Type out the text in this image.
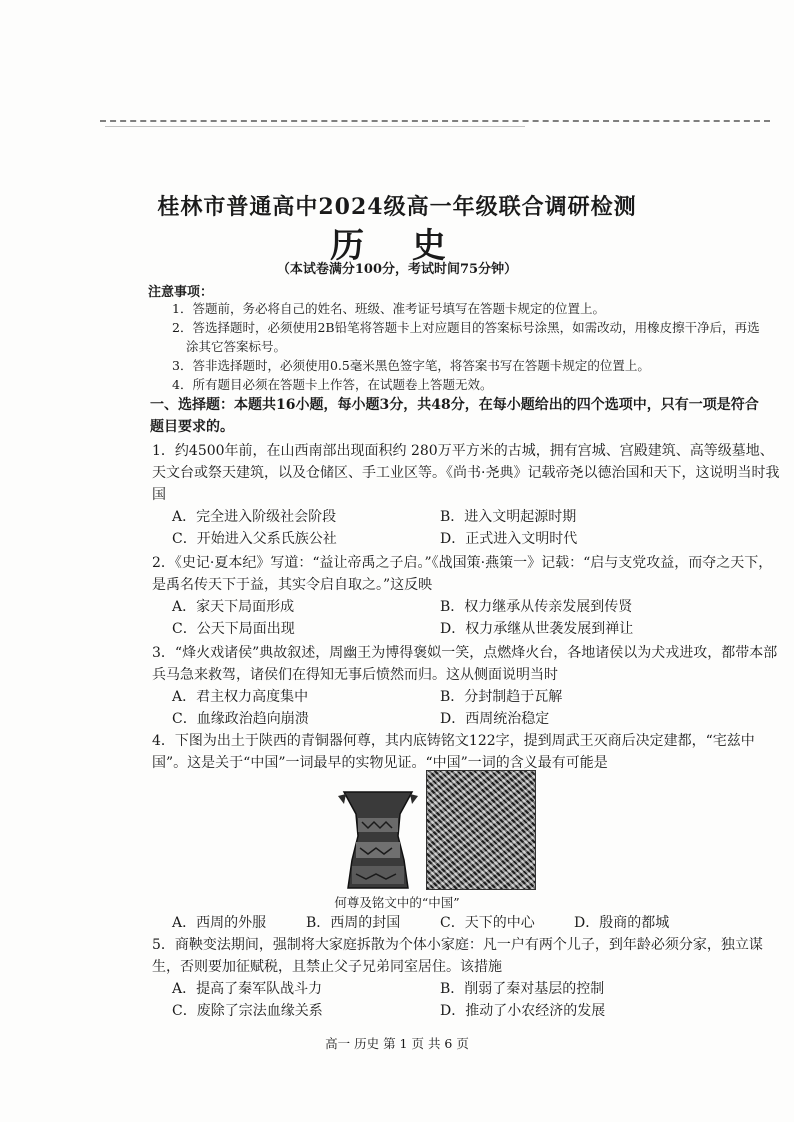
桂林市普通高中2024级高一年级联合调研检测
历 史
（本试卷满分100分，考试时间75分钟）
注意事项：
1．答题前，务必将自己的姓名、班级、准考证号填写在答题卡规定的位置上。
2．答选择题时，必须使用2B铅笔将答题卡上对应题目的答案标号涂黑，如需改动，用橡皮擦干净后，再选涂其它答案标号。
3．答非选择题时，必须使用0.5毫米黑色签字笔，将答案书写在答题卡规定的位置上。
4．所有题目必须在答题卡上作答，在试题卷上答题无效。
一、选择题：本题共16小题，每小题3分，共48分，在每小题给出的四个选项中，只有一项是符合题目要求的。
1．约4500年前，在山西南部出现面积约 280万平方米的古城，拥有宫城、宫殿建筑、高等级墓地、天文台或祭天建筑，以及仓储区、手工业区等。《尚书·尧典》记载帝尧以德治国和天下，这说明当时我国
A．完全进入阶级社会阶段	B．进入文明起源时期
C．开始进入父系氏族公社	D．正式进入文明时代
2．《史记·夏本纪》写道：“益让帝禹之子启。”《战国策·燕策一》记载：“启与支党攻益，而夺之天下，是禹名传天下于益，其实令启自取之。”这反映
A．家天下局面形成	B．权力继承从传亲发展到传贤
C．公天下局面出现	D．权力承继从世袭发展到禅让
3．“烽火戏诸侯”典故叙述，周幽王为博得褒姒一笑，点燃烽火台，各地诸侯以为犬戎进攻，都带本部兵马急来救驾，诸侯们在得知无事后愤然而归。这从侧面说明当时
A．君主权力高度集中	B．分封制趋于瓦解
C．血缘政治趋向崩溃	D．西周统治稳定
4．下图为出土于陕西的青铜器何尊，其内底铸铭文122字，提到周武王灭商后决定建都，“宅兹中国”。这是关于“中国”一词最早的实物见证。“中国”一词的含义最有可能是
何尊及铭文中的“中国”
A．西周的外服	B．西周的封国	C．天下的中心	D．殷商的都城
5．商鞅变法期间，强制将大家庭拆散为个体小家庭：凡一户有两个儿子，到年龄必须分家，独立谋生，否则要加征赋税，且禁止父子兄弟同室居住。该措施
A．提高了秦军队战斗力	B．削弱了秦对基层的控制
C．废除了宗法血缘关系	D．推动了小农经济的发展
高一 历史 第 1 页 共 6 页
